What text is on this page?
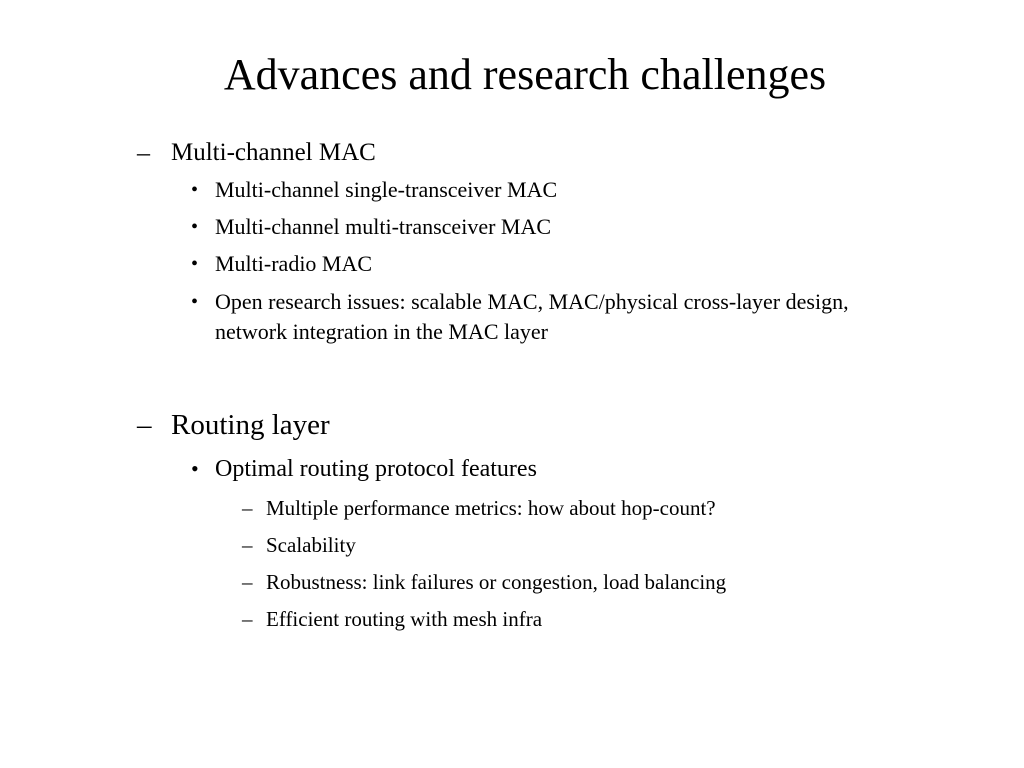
Advances and research challenges
– Multi-channel MAC
• Multi-channel single-transceiver MAC
• Multi-channel multi-transceiver MAC
• Multi-radio MAC
• Open research issues: scalable MAC, MAC/physical cross-layer design,
network integration in the MAC layer
– Routing layer
• Optimal routing protocol features
– Multiple performance metrics: how about hop-count?
– Scalability
– Robustness: link failures or congestion, load balancing
– Efficient routing with mesh infra
